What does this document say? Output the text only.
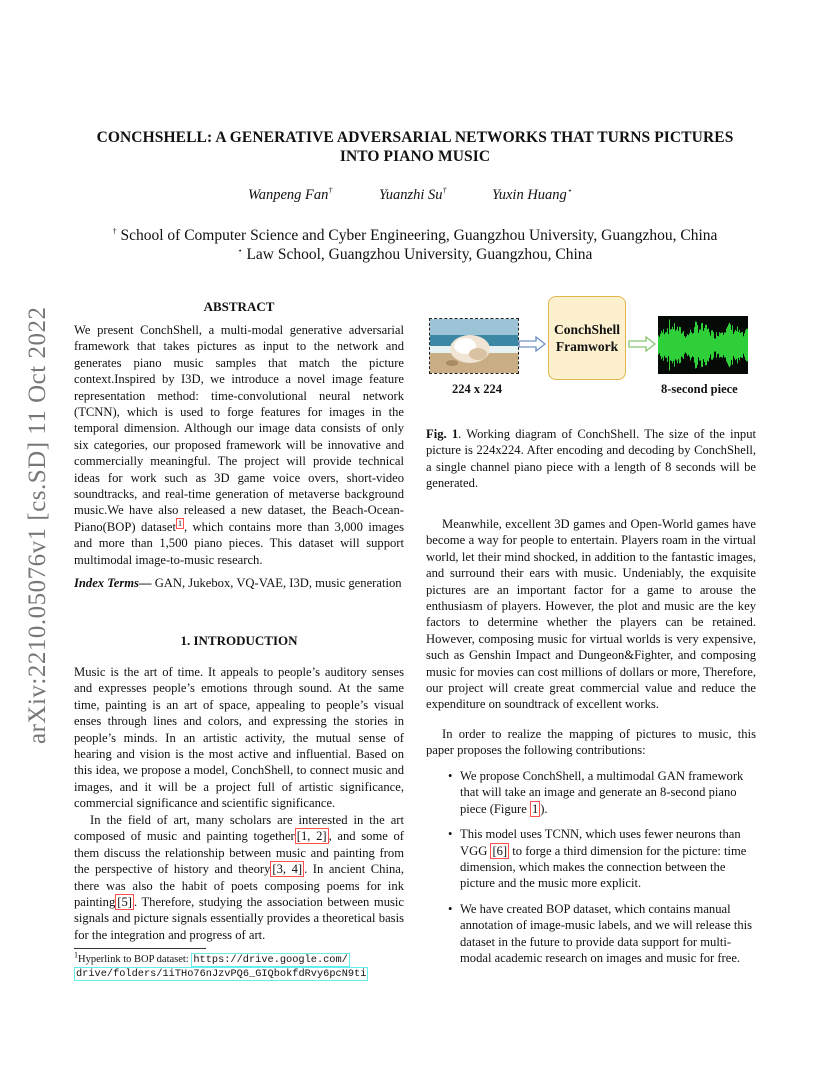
arXiv:2210.05076v1 [cs.SD] 11 Oct 2022
CONCHSHELL: A GENERATIVE ADVERSARIAL NETWORKS THAT TURNS PICTURES
INTO PIANO MUSIC
Wanpeng Fan†	Yuanzhi Su†	Yuxin Huang⋆
† School of Computer Science and Cyber Engineering, Guangzhou University, Guangzhou, China
⋆ Law School, Guangzhou University, Guangzhou, China
ABSTRACT
We present ConchShell, a multi-modal generative adversarial framework that takes pictures as input to the network and generates piano music samples that match the picture context.Inspired by I3D, we introduce a novel image feature representation method: time-convolutional neural network (TCNN), which is used to forge features for images in the temporal dimension. Although our image data consists of only six categories, our proposed framework will be innovative and commercially meaningful. The project will provide technical ideas for work such as 3D game voice overs, short-video soundtracks, and real-time generation of metaverse background music.We have also released a new dataset, the Beach-Ocean-Piano(BOP) dataset $^1$ , which contains more than 3,000 images and more than 1,500 piano pieces. This dataset will support multimodal image-to-music research.
Index Terms— GAN, Jukebox, VQ-VAE, I3D, music generation
1. INTRODUCTION
Music is the art of time. It appeals to people’s auditory senses and expresses people’s emotions through sound. At the same time, painting is an art of space, appealing to people’s visual enses through lines and colors, and expressing the stories in people’s minds. In an artistic activity, the mutual sense of hearing and vision is the most active and influential. Based on this idea, we propose a model, ConchShell, to connect music and images, and it will be a project full of artistic significance, commercial significance and scientific significance.
In the field of art, many scholars are interested in the art composed of music and painting together [1, 2] , and some of them discuss the relationship between music and painting from the perspective of history and theory [3, 4] . In ancient China, there was also the habit of poets composing poems for ink painting [5] . Therefore, studying the association between music signals and picture signals essentially provides a theoretical basis for the integration and progress of art.
$^1$Hyperlink to BOP dataset: https://drive.google.com/
drive/folders/1iTHo76nJzvPQ6_GIQbokfdRvy6pcN9ti
ConchShell
Framwork
224 x 224	8-second piece
Fig. 1. Working diagram of ConchShell. The size of the input picture is 224x224. After encoding and decoding by ConchShell, a single channel piano piece with a length of 8 seconds will be generated.
Meanwhile, excellent 3D games and Open-World games have become a way for people to entertain. Players roam in the virtual world, let their mind shocked, in addition to the fantastic images, and surround their ears with music. Undeniably, the exquisite pictures are an important factor for a game to arouse the enthusiasm of players. However, the plot and music are the key factors to determine whether the players can be retained. However, composing music for virtual worlds is very expensive, such as Genshin Impact and Dungeon&Fighter, and composing music for movies can cost millions of dollars or more, Therefore, our project will create great commercial value and reduce the expenditure on soundtrack of excellent works.
In order to realize the mapping of pictures to music, this paper proposes the following contributions:
• We propose ConchShell, a multimodal GAN framework that will take an image and generate an 8-second piano piece (Figure 1 ).
• This model uses TCNN, which uses fewer neurons than VGG [6] to forge a third dimension for the picture: time dimension, which makes the connection between the picture and the music more explicit.
• We have created BOP dataset, which contains manual annotation of image-music labels, and we will release this dataset in the future to provide data support for multi-modal academic research on images and music for free.
